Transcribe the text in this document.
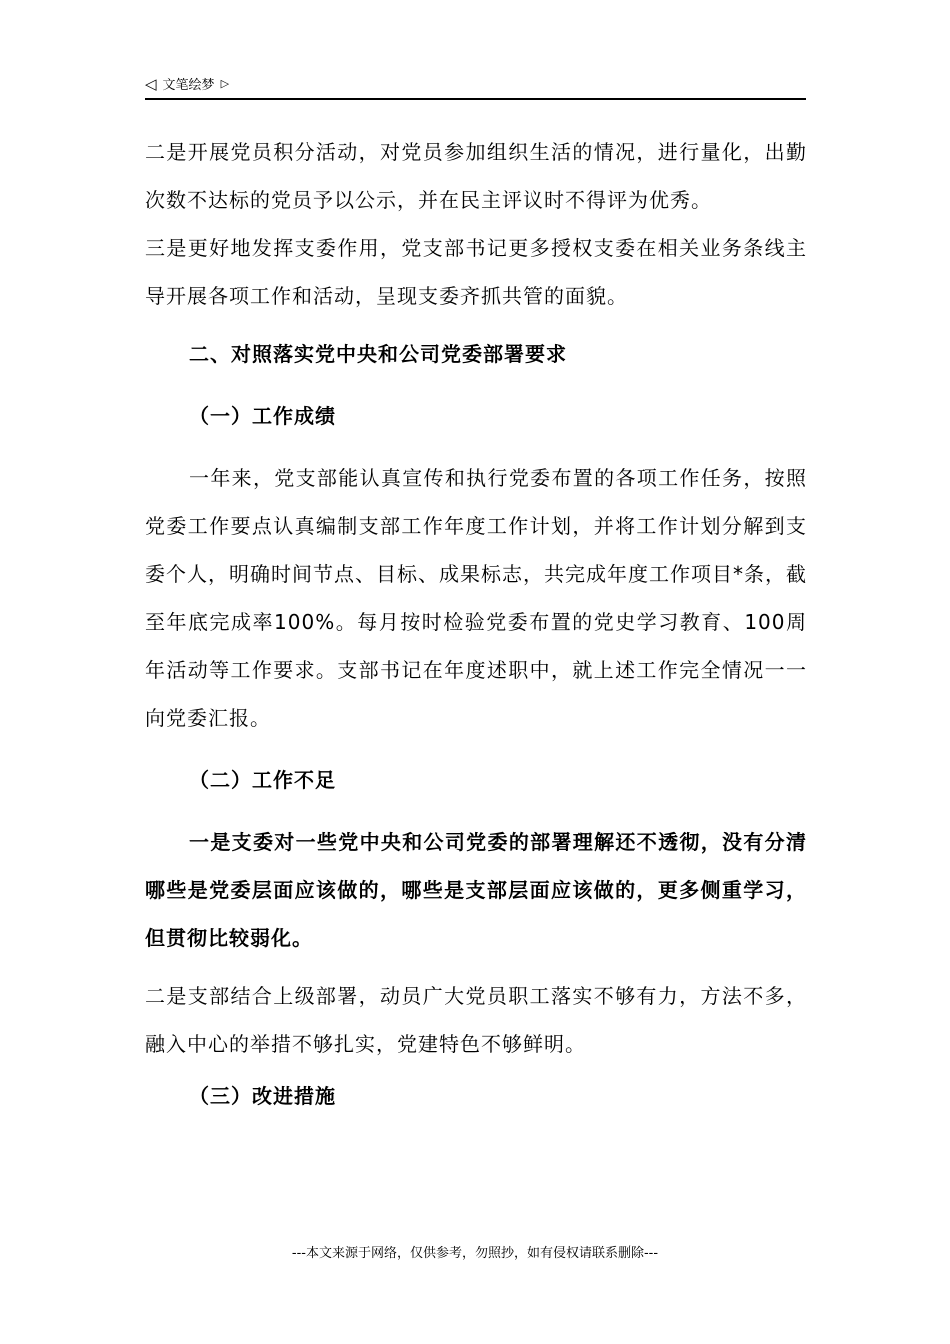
◁ 文笔绘梦 ▷

二是开展党员积分活动，对党员参加组织生活的情况，进行量化，出勤次数不达标的党员予以公示，并在民主评议时不得评为优秀。

三是更好地发挥支委作用，党支部书记更多授权支委在相关业务条线主导开展各项工作和活动，呈现支委齐抓共管的面貌。

二、对照落实党中央和公司党委部署要求

（一）工作成绩

一年来，党支部能认真宣传和执行党委布置的各项工作任务，按照党委工作要点认真编制支部工作年度工作计划，并将工作计划分解到支委个人，明确时间节点、目标、成果标志，共完成年度工作项目*条，截至年底完成率100%。每月按时检验党委布置的党史学习教育、100周年活动等工作要求。支部书记在年度述职中，就上述工作完全情况一一向党委汇报。

（二）工作不足

一是支委对一些党中央和公司党委的部署理解还不透彻，没有分清哪些是党委层面应该做的，哪些是支部层面应该做的，更多侧重学习，但贯彻比较弱化。

二是支部结合上级部署，动员广大党员职工落实不够有力，方法不多，融入中心的举措不够扎实，党建特色不够鲜明。

（三）改进措施

---本文来源于网络，仅供参考，勿照抄，如有侵权请联系删除---
